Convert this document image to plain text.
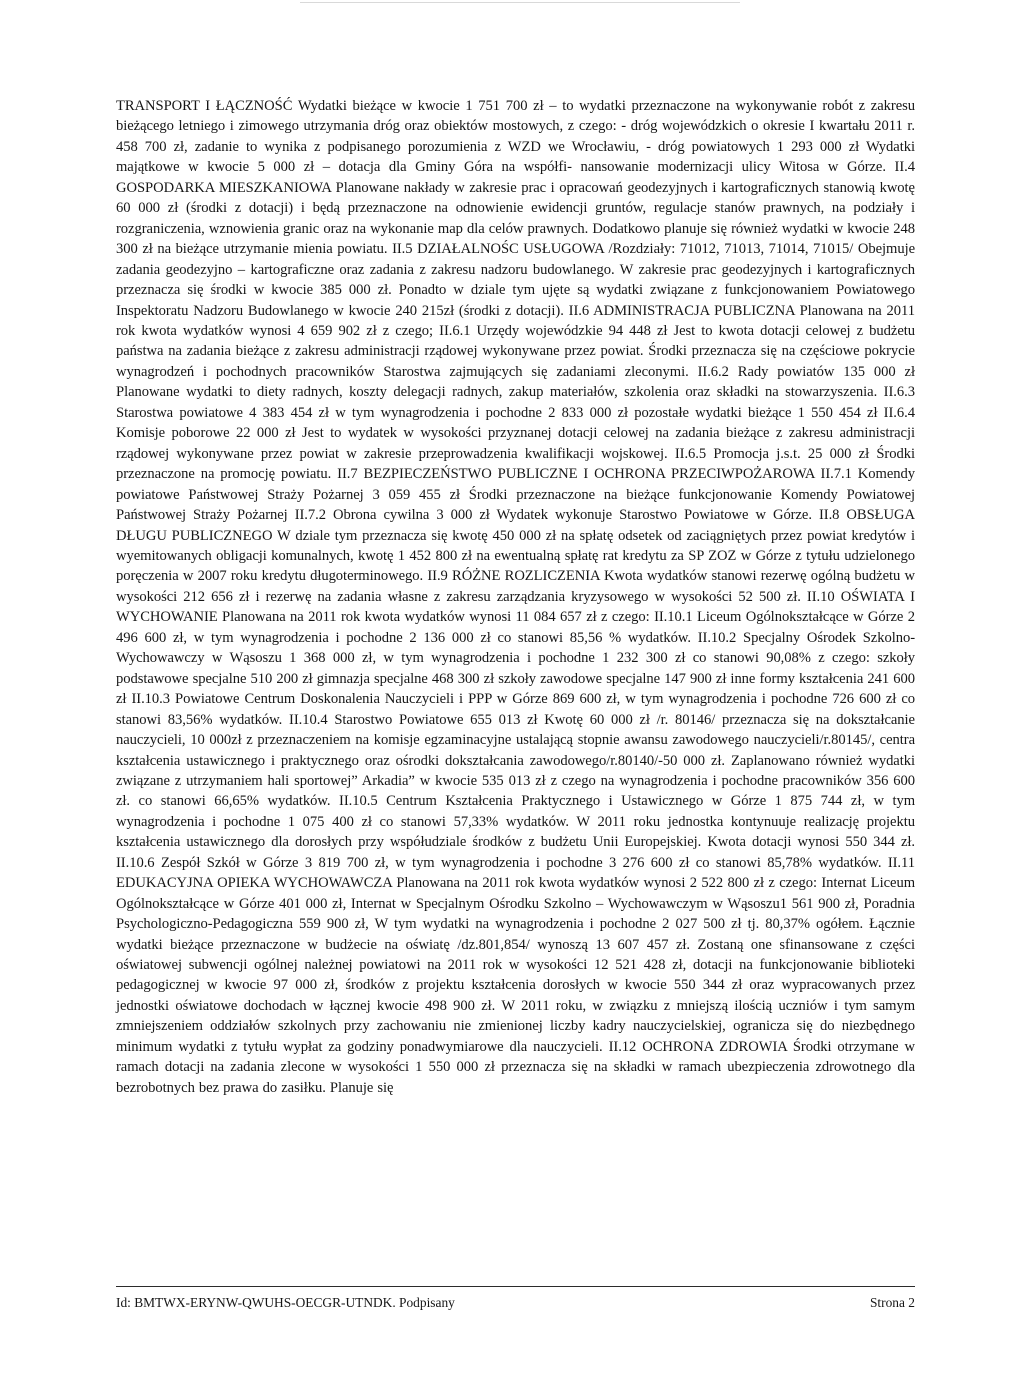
TRANSPORT I ŁĄCZNOŚĆ Wydatki bieżące w kwocie 1 751 700 zł – to wydatki przeznaczone na wykonywanie robót z zakresu bieżącego letniego i zimowego utrzymania dróg oraz obiektów mostowych, z czego: - dróg wojewódzkich o okresie I kwartału 2011 r. 458 700 zł, zadanie to wynika z podpisanego porozumienia z WZD we Wrocławiu, - dróg powiatowych 1 293 000 zł Wydatki majątkowe w kwocie 5 000 zł – dotacja dla Gminy Góra na współfi- nansowanie modernizacji ulicy Witosa w Górze. II.4 GOSPODARKA MIESZKANIOWA Planowane nakłady w zakresie prac i opracowań geodezyjnych i kartograficznych stanowią kwotę 60 000 zł (środki z dotacji) i będą przeznaczone na odnowienie ewidencji gruntów, regulacje stanów prawnych, na podziały i rozgraniczenia, wznowienia granic oraz na wykonanie map dla celów prawnych. Dodatkowo planuje się również wydatki w kwocie 248 300 zł na bieżące utrzymanie mienia powiatu. II.5 DZIAŁALNOŚC USŁUGOWA /Rozdziały: 71012, 71013, 71014, 71015/ Obejmuje zadania geodezyjno – kartograficzne oraz zadania z zakresu nadzoru budowlanego. W zakresie prac geodezyjnych i kartograficznych przeznacza się środki w kwocie 385 000 zł. Ponadto w dziale tym ujęte są wydatki związane z funkcjonowaniem Powiatowego Inspektoratu Nadzoru Budowlanego w kwocie 240 215zł (środki z dotacji). II.6 ADMINISTRACJA PUBLICZNA Planowana na 2011 rok kwota wydatków wynosi 4 659 902 zł z czego; II.6.1 Urzędy wojewódzkie 94 448 zł Jest to kwota dotacji celowej z budżetu państwa na zadania bieżące z zakresu administracji rządowej wykonywane przez powiat. Środki przeznacza się na częściowe pokrycie wynagrodzeń i pochodnych pracowników Starostwa zajmujących się zadaniami zleconymi. II.6.2 Rady powiatów 135 000 zł Planowane wydatki to diety radnych, koszty delegacji radnych, zakup materiałów, szkolenia oraz składki na stowarzyszenia. II.6.3 Starostwa powiatowe 4 383 454 zł w tym wynagrodzenia i pochodne 2 833 000 zł pozostałe wydatki bieżące 1 550 454 zł II.6.4 Komisje poborowe 22 000 zł Jest to wydatek w wysokości przyznanej dotacji celowej na zadania bieżące z zakresu administracji rządowej wykonywane przez powiat w zakresie przeprowadzenia kwalifikacji wojskowej. II.6.5 Promocja j.s.t. 25 000 zł Środki przeznaczone na promocję powiatu. II.7 BEZPIECZEŃSTWO PUBLICZNE I OCHRONA PRZECIWPOŻAROWA II.7.1 Komendy powiatowe Państwowej Straży Pożarnej 3 059 455 zł Środki przeznaczone na bieżące funkcjonowanie Komendy Powiatowej Państwowej Straży Pożarnej II.7.2 Obrona cywilna 3 000 zł Wydatek wykonuje Starostwo Powiatowe w Górze. II.8 OBSŁUGA DŁUGU PUBLICZNEGO W dziale tym przeznacza się kwotę 450 000 zł na spłatę odsetek od zaciągniętych przez powiat kredytów i wyemitowanych obligacji komunalnych, kwotę 1 452 800 zł na ewentualną spłatę rat kredytu za SP ZOZ w Górze z tytułu udzielonego poręczenia w 2007 roku kredytu długoterminowego. II.9 RÓŻNE ROZLICZENIA Kwota wydatków stanowi rezerwę ogólną budżetu w wysokości 212 656 zł i rezerwę na zadania własne z zakresu zarządzania kryzysowego w wysokości 52 500 zł. II.10 OŚWIATA I WYCHOWANIE Planowana na 2011 rok kwota wydatków wynosi 11 084 657 zł z czego: II.10.1 Liceum Ogólnokształcące w Górze 2 496 600 zł, w tym wynagrodzenia i pochodne 2 136 000 zł co stanowi 85,56 % wydatków. II.10.2 Specjalny Ośrodek Szkolno-Wychowawczy w Wąsoszu 1 368 000 zł, w tym wynagrodzenia i pochodne 1 232 300 zł co stanowi 90,08% z czego: szkoły podstawowe specjalne 510 200 zł gimnazja specjalne 468 300 zł szkoły zawodowe specjalne 147 900 zł inne formy kształcenia 241 600 zł II.10.3 Powiatowe Centrum Doskonalenia Nauczycieli i PPP w Górze 869 600 zł, w tym wynagrodzenia i pochodne 726 600 zł co stanowi 83,56% wydatków. II.10.4 Starostwo Powiatowe 655 013 zł Kwotę 60 000 zł /r. 80146/ przeznacza się na dokształcanie nauczycieli, 10 000zł z przeznaczeniem na komisje egzaminacyjne ustalającą stopnie awansu zawodowego nauczycieli/r.80145/, centra kształcenia ustawicznego i praktycznego oraz ośrodki dokształcania zawodowego/r.80140/-50 000 zł. Zaplanowano również wydatki związane z utrzymaniem hali sportowej” Arkadia” w kwocie 535 013 zł z czego na wynagrodzenia i pochodne pracowników 356 600 zł. co stanowi 66,65% wydatków. II.10.5 Centrum Kształcenia Praktycznego i Ustawicznego w Górze 1 875 744 zł, w tym wynagrodzenia i pochodne 1 075 400 zł co stanowi 57,33% wydatków. W 2011 roku jednostka kontynuuje realizację projektu kształcenia ustawicznego dla dorosłych przy współudziale środków z budżetu Unii Europejskiej. Kwota dotacji wynosi 550 344 zł. II.10.6 Zespół Szkół w Górze 3 819 700 zł, w tym wynagrodzenia i pochodne 3 276 600 zł co stanowi 85,78% wydatków. II.11 EDUKACYJNA OPIEKA WYCHOWAWCZA Planowana na 2011 rok kwota wydatków wynosi 2 522 800 zł z czego: Internat Liceum Ogólnokształcące w Górze 401 000 zł, Internat w Specjalnym Ośrodku Szkolno – Wychowawczym w Wąsoszu1 561 900 zł, Poradnia Psychologiczno-Pedagogiczna 559 900 zł, W tym wydatki na wynagrodzenia i pochodne 2 027 500 zł tj. 80,37% ogółem. Łącznie wydatki bieżące przeznaczone w budżecie na oświatę /dz.801,854/ wynoszą 13 607 457 zł. Zostaną one sfinansowane z części oświatowej subwencji ogólnej należnej powiatowi na 2011 rok w wysokości 12 521 428 zł, dotacji na funkcjonowanie biblioteki pedagogicznej w kwocie 97 000 zł, środków z projektu kształcenia dorosłych w kwocie 550 344 zł oraz wypracowanych przez jednostki oświatowe dochodach w łącznej kwocie 498 900 zł. W 2011 roku, w związku z mniejszą ilością uczniów i tym samym zmniejszeniem oddziałów szkolnych przy zachowaniu nie zmienionej liczby kadry nauczycielskiej, ogranicza się do niezbędnego minimum wydatki z tytułu wypłat za godziny ponadwymiarowe dla nauczycieli. II.12 OCHRONA ZDROWIA Środki otrzymane w ramach dotacji na zadania zlecone w wysokości 1 550 000 zł przeznacza się na składki w ramach ubezpieczenia zdrowotnego dla bezrobotnych bez prawa do zasiłku. Planuje się
Id: BMTWX-ERYNW-QWUHS-OECGR-UTNDK. Podpisany	Strona 2
